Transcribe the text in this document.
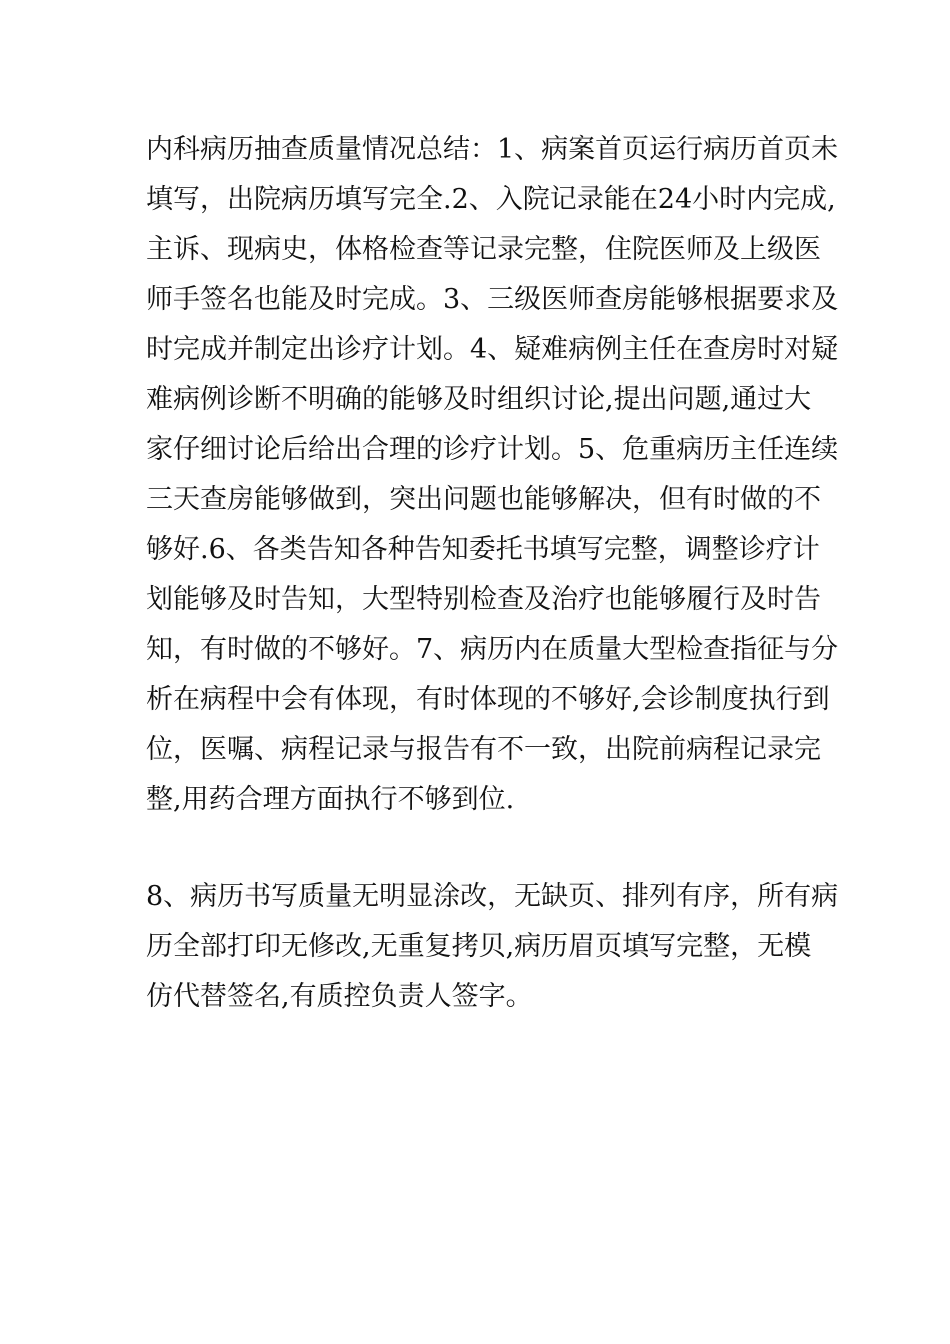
内科病历抽查质量情况总结：1、病案首页运行病历首页未

填写，出院病历填写完全.2、入院记录能在24小时内完成,

主诉、现病史，体格检查等记录完整，住院医师及上级医

师手签名也能及时完成。3、三级医师查房能够根据要求及

时完成并制定出诊疗计划。4、疑难病例主任在查房时对疑

难病例诊断不明确的能够及时组织讨论,提出问题,通过大

家仔细讨论后给出合理的诊疗计划。5、危重病历主任连续

三天查房能够做到，突出问题也能够解决，但有时做的不

够好.6、各类告知各种告知委托书填写完整，调整诊疗计

划能够及时告知，大型特别检查及治疗也能够履行及时告

知，有时做的不够好。7、病历内在质量大型检查指征与分

析在病程中会有体现，有时体现的不够好,会诊制度执行到

位，医嘱、病程记录与报告有不一致，出院前病程记录完

整,用药合理方面执行不够到位.

8、病历书写质量无明显涂改，无缺页、排列有序，所有病

历全部打印无修改,无重复拷贝,病历眉页填写完整，无模

仿代替签名,有质控负责人签字。
